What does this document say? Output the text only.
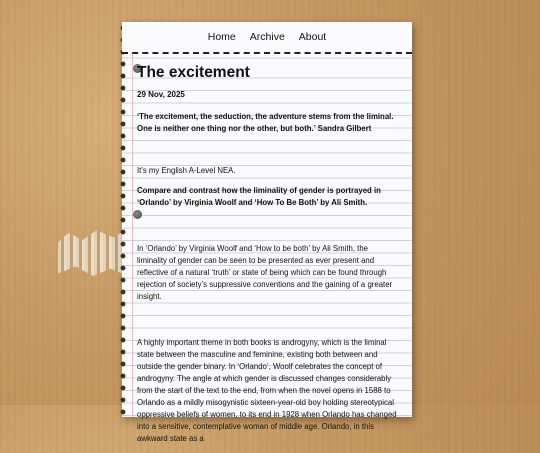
Home Archive About
The excitement
29 Nov, 2025
‘The excitement, the seduction, the adventure stems from the liminal. One is neither one thing nor the other, but both.’ Sandra Gilbert

It's my English A-Level NEA.

Compare and contrast how the liminality of gender is portrayed in ‘Orlando’ by Virginia Woolf and ‘How To Be Both’ by Ali Smith.

In ‘Orlando’ by Virginia Woolf and ‘How to be both’ by Ali Smith, the liminality of gender can be seen to be presented as ever present and reflective of a natural ‘truth’ or state of being which can be found through rejection of society’s suppressive conventions and the gaining of a greater insight.

A highly important theme in both books is androgyny, which is the liminal state between the masculine and feminine, existing both between and outside the gender binary. In ‘Orlando’, Woolf celebrates the concept of androgyny. The angle at which gender is discussed changes considerably from the start of the text to the end, from when the novel opens in 1588 to Orlando as a mildly misogynistic sixteen-year-old boy holding stereotypical oppressive beliefs of women, to its end in 1928 when Orlando has changed into a sensitive, contemplative woman of middle age. Orlando, in this awkward state as a
